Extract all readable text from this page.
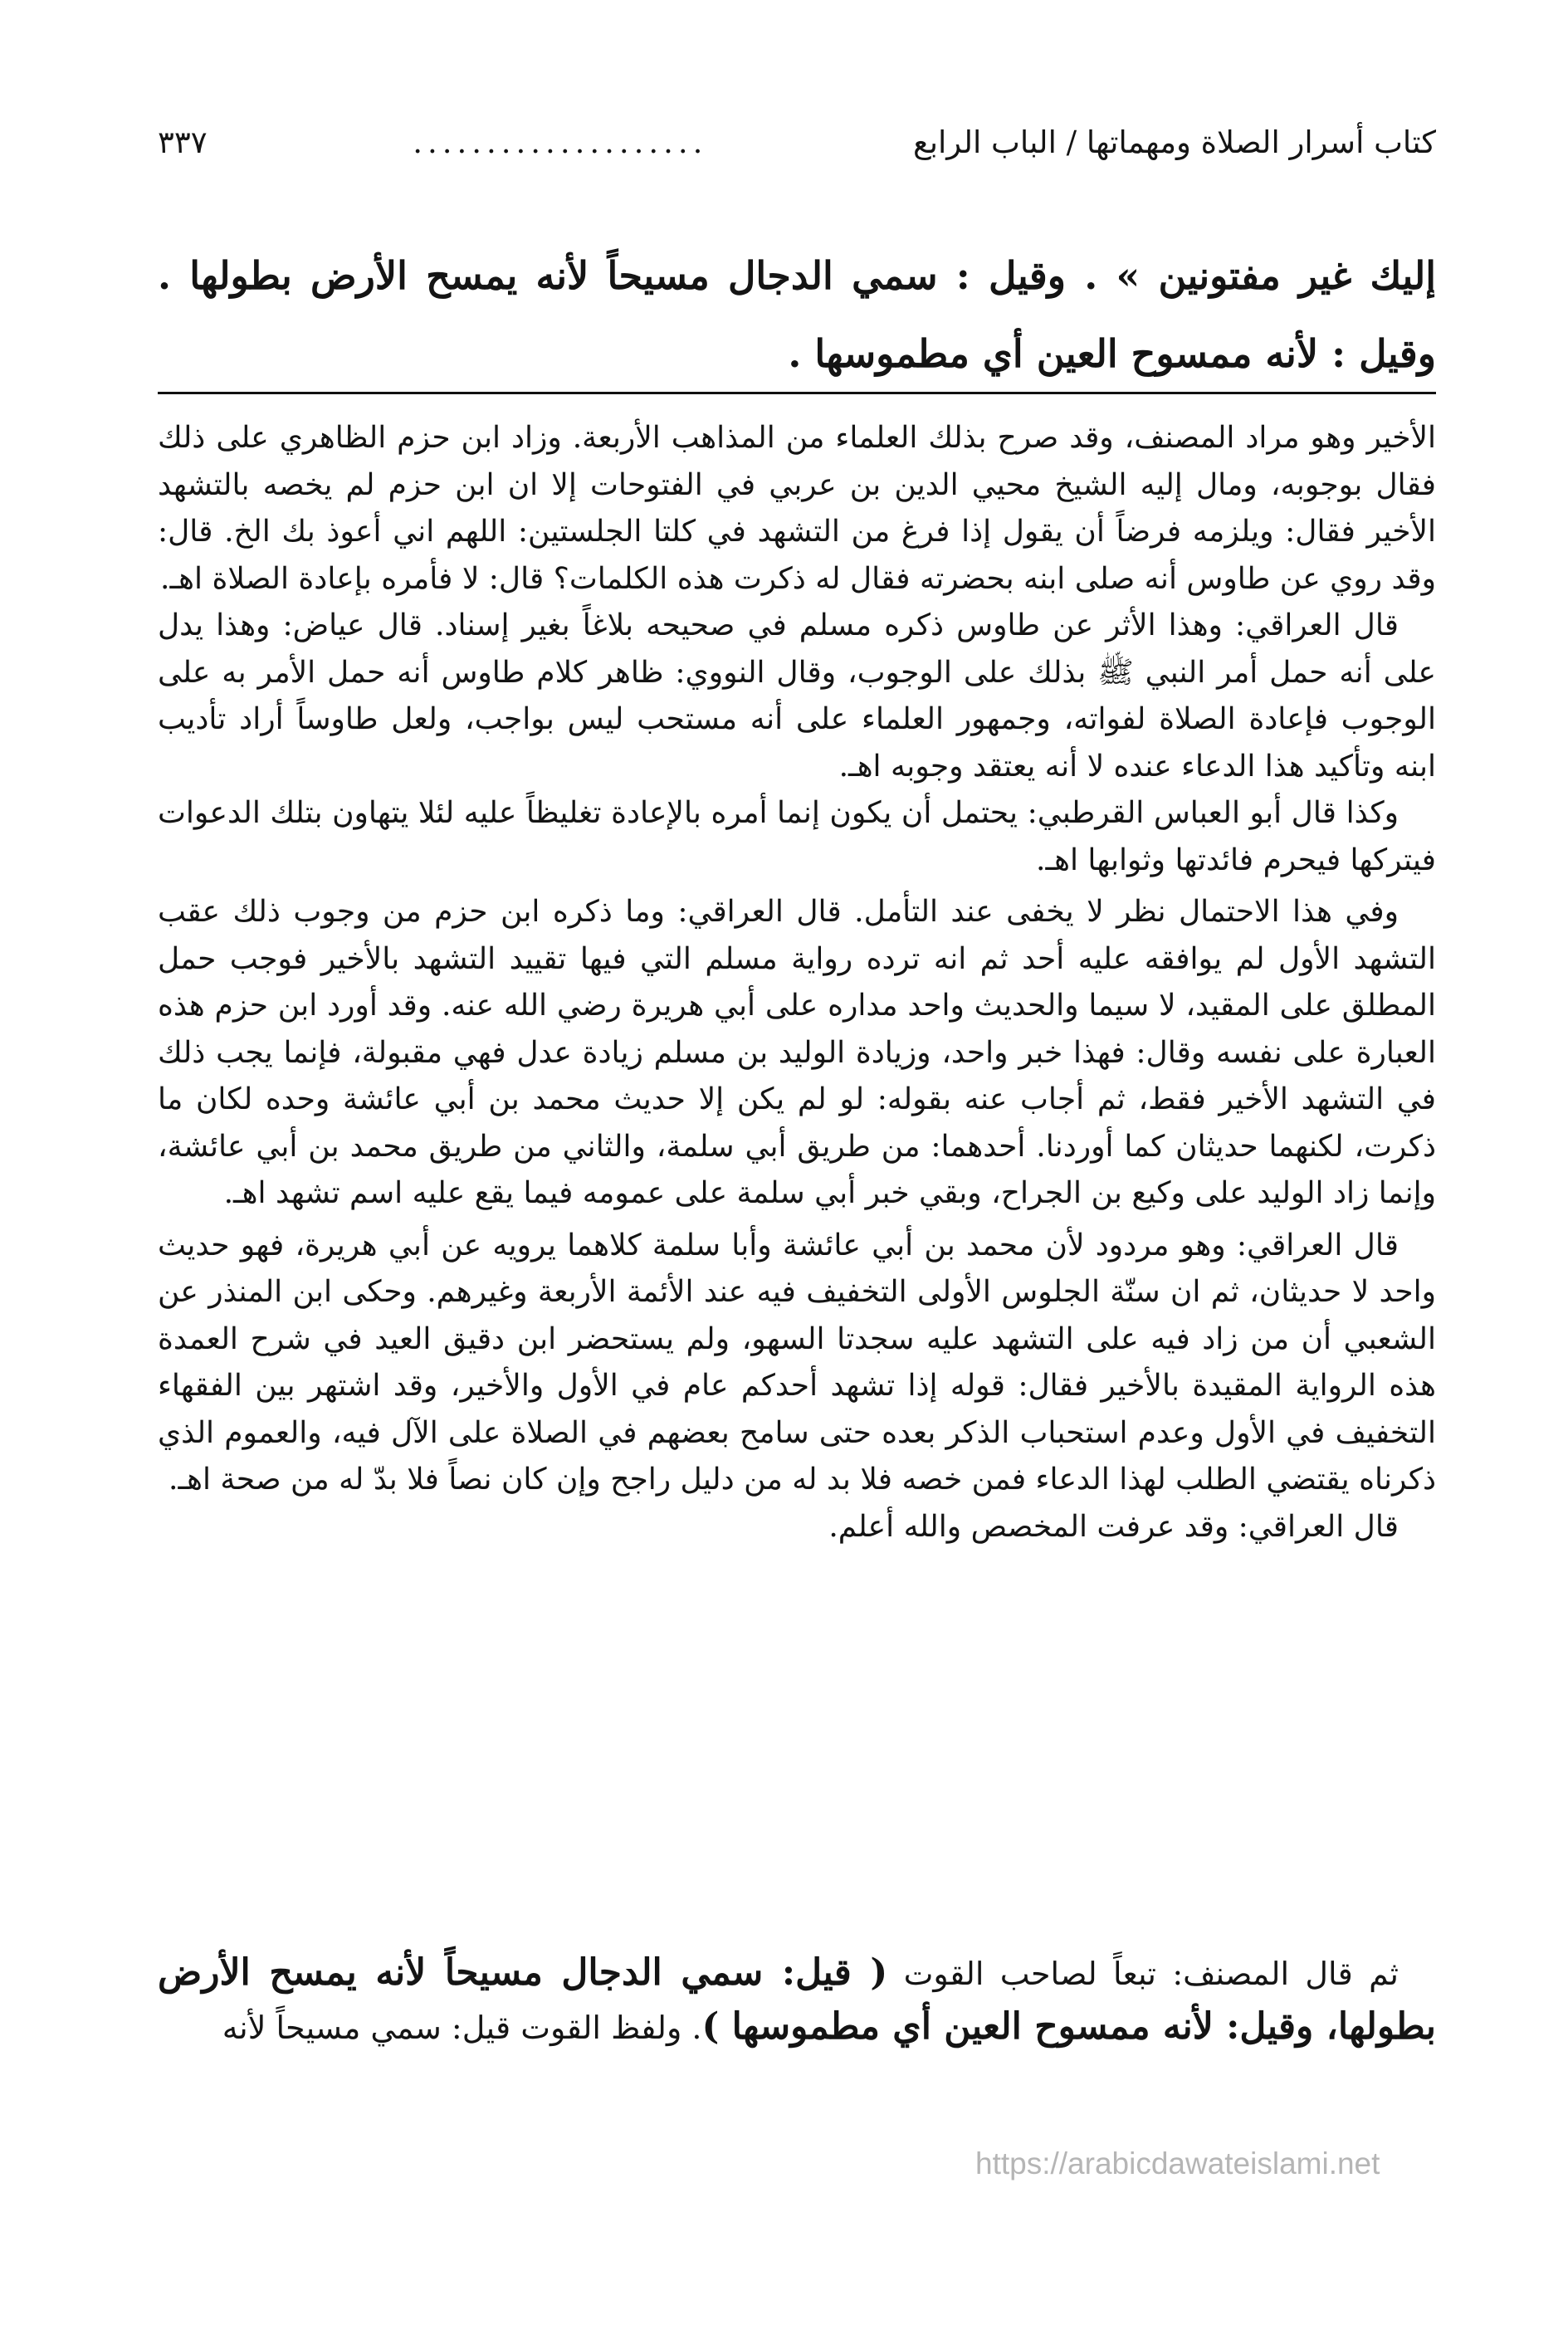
كتاب أسرار الصلاة ومهماتها / الباب الرابع
....................
٣٣٧

إليك غير مفتونين » . وقيل : سمي الدجال مسيحاً لأنه يمسح الأرض بطولها . وقيل : لأنه ممسوح العين أي مطموسها .

الأخير وهو مراد المصنف، وقد صرح بذلك العلماء من المذاهب الأربعة. وزاد ابن حزم الظاهري على ذلك فقال بوجوبه، ومال إليه الشيخ محيي الدين بن عربي في الفتوحات إلا ان ابن حزم لم يخصه بالتشهد الأخير فقال: ويلزمه فرضاً أن يقول إذا فرغ من التشهد في كلتا الجلستين: اللهم اني أعوذ بك الخ. قال: وقد روي عن طاوس أنه صلى ابنه بحضرته فقال له ذكرت هذه الكلمات؟ قال: لا فأمره بإعادة الصلاة اهـ.

قال العراقي: وهذا الأثر عن طاوس ذكره مسلم في صحيحه بلاغاً بغير إسناد. قال عياض: وهذا يدل على أنه حمل أمر النبي ﷺ بذلك على الوجوب، وقال النووي: ظاهر كلام طاوس أنه حمل الأمر به على الوجوب فإعادة الصلاة لفواته، وجمهور العلماء على أنه مستحب ليس بواجب، ولعل طاوساً أراد تأديب ابنه وتأكيد هذا الدعاء عنده لا أنه يعتقد وجوبه اهـ.

وكذا قال أبو العباس القرطبي: يحتمل أن يكون إنما أمره بالإعادة تغليظاً عليه لئلا يتهاون بتلك الدعوات فيتركها فيحرم فائدتها وثوابها اهـ.

وفي هذا الاحتمال نظر لا يخفى عند التأمل. قال العراقي: وما ذكره ابن حزم من وجوب ذلك عقب التشهد الأول لم يوافقه عليه أحد ثم انه ترده رواية مسلم التي فيها تقييد التشهد بالأخير فوجب حمل المطلق على المقيد، لا سيما والحديث واحد مداره على أبي هريرة رضي الله عنه. وقد أورد ابن حزم هذه العبارة على نفسه وقال: فهذا خبر واحد، وزيادة الوليد بن مسلم زيادة عدل فهي مقبولة، فإنما يجب ذلك في التشهد الأخير فقط، ثم أجاب عنه بقوله: لو لم يكن إلا حديث محمد بن أبي عائشة وحده لكان ما ذكرت، لكنهما حديثان كما أوردنا. أحدهما: من طريق أبي سلمة، والثاني من طريق محمد بن أبي عائشة، وإنما زاد الوليد على وكيع بن الجراح، وبقي خبر أبي سلمة على عمومه فيما يقع عليه اسم تشهد اهـ.

قال العراقي: وهو مردود لأن محمد بن أبي عائشة وأبا سلمة كلاهما يرويه عن أبي هريرة، فهو حديث واحد لا حديثان، ثم ان سنّة الجلوس الأولى التخفيف فيه عند الأئمة الأربعة وغيرهم. وحكى ابن المنذر عن الشعبي أن من زاد فيه على التشهد عليه سجدتا السهو، ولم يستحضر ابن دقيق العيد في شرح العمدة هذه الرواية المقيدة بالأخير فقال: قوله إذا تشهد أحدكم عام في الأول والأخير، وقد اشتهر بين الفقهاء التخفيف في الأول وعدم استحباب الذكر بعده حتى سامح بعضهم في الصلاة على الآل فيه، والعموم الذي ذكرناه يقتضي الطلب لهذا الدعاء فمن خصه فلا بد له من دليل راجح وإن كان نصاً فلا بدّ له من صحة اهـ.

قال العراقي: وقد عرفت المخصص والله أعلم.

ثم قال المصنف: تبعاً لصاحب القوت ( قيل: سمي الدجال مسيحاً لأنه يمسح الأرض بطولها، وقيل: لأنه ممسوح العين أي مطموسها ). ولفظ القوت قيل: سمي مسيحاً لأنه

https://arabicdawateislami.net
